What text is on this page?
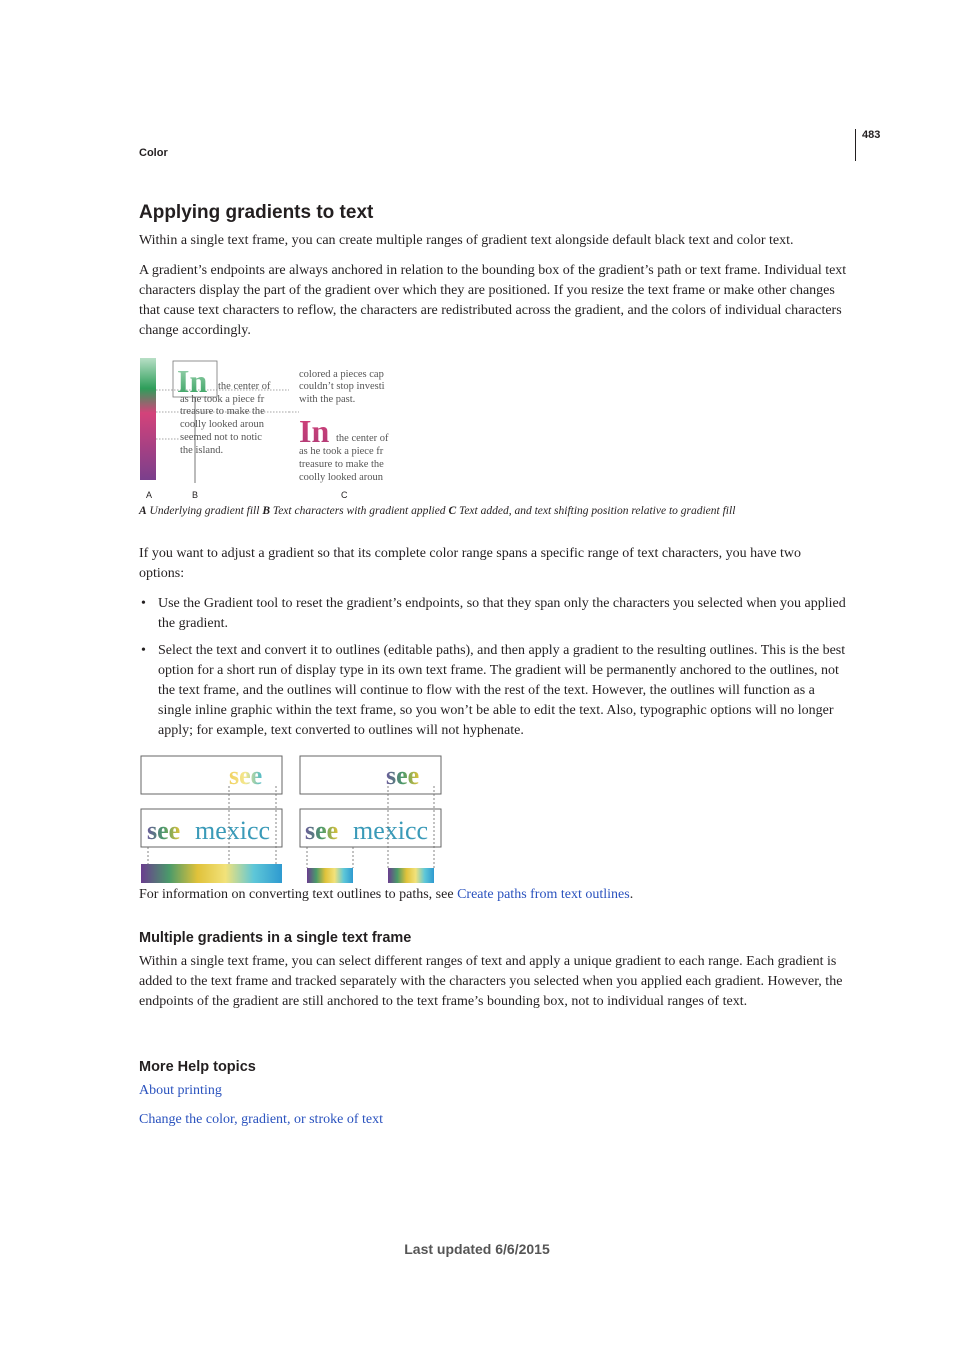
Color
483
Applying gradients to text

Within a single text frame, you can create multiple ranges of gradient text alongside default black text and color text.

A gradient’s endpoints are always anchored in relation to the bounding box of the gradient’s path or text frame. Individual text characters display the part of the gradient over which they are positioned. If you resize the text frame or make other changes that cause text characters to reflow, the characters are redistributed across the gradient, and the colors of individual characters change accordingly.

In the center of
as he took a piece fr
treasure to make the
coolly looked aroun
seemed not to notic
the island.
colored a pieces cap
couldn’t stop investi
with the past.
In the center of
as he took a piece fr
treasure to make the
coolly looked aroun
A	B	C
A Underlying gradient fill B Text characters with gradient applied C Text added, and text shifting position relative to gradient fill

If you want to adjust a gradient so that its complete color range spans a specific range of text characters, you have two options:

• Use the Gradient tool to reset the gradient’s endpoints, so that they span only the characters you selected when you applied the gradient.

• Select the text and convert it to outlines (editable paths), and then apply a gradient to the resulting outlines. This is the best option for a short run of display type in its own text frame. The gradient will be permanently anchored to the outlines, not the text frame, and the outlines will continue to flow with the rest of the text. However, the outlines will function as a single inline graphic within the text frame, so you won’t be able to edit the text. Also, typographic options will no longer apply; for example, text converted to outlines will not hyphenate.

see
see mexicc
see
see mexicc

For information on converting text outlines to paths, see Create paths from text outlines.

Multiple gradients in a single text frame

Within a single text frame, you can select different ranges of text and apply a unique gradient to each range. Each gradient is added to the text frame and tracked separately with the characters you selected when you applied each gradient. However, the endpoints of the gradient are still anchored to the text frame’s bounding box, not to individual ranges of text.

More Help topics

About printing

Change the color, gradient, or stroke of text

Last updated 6/6/2015
